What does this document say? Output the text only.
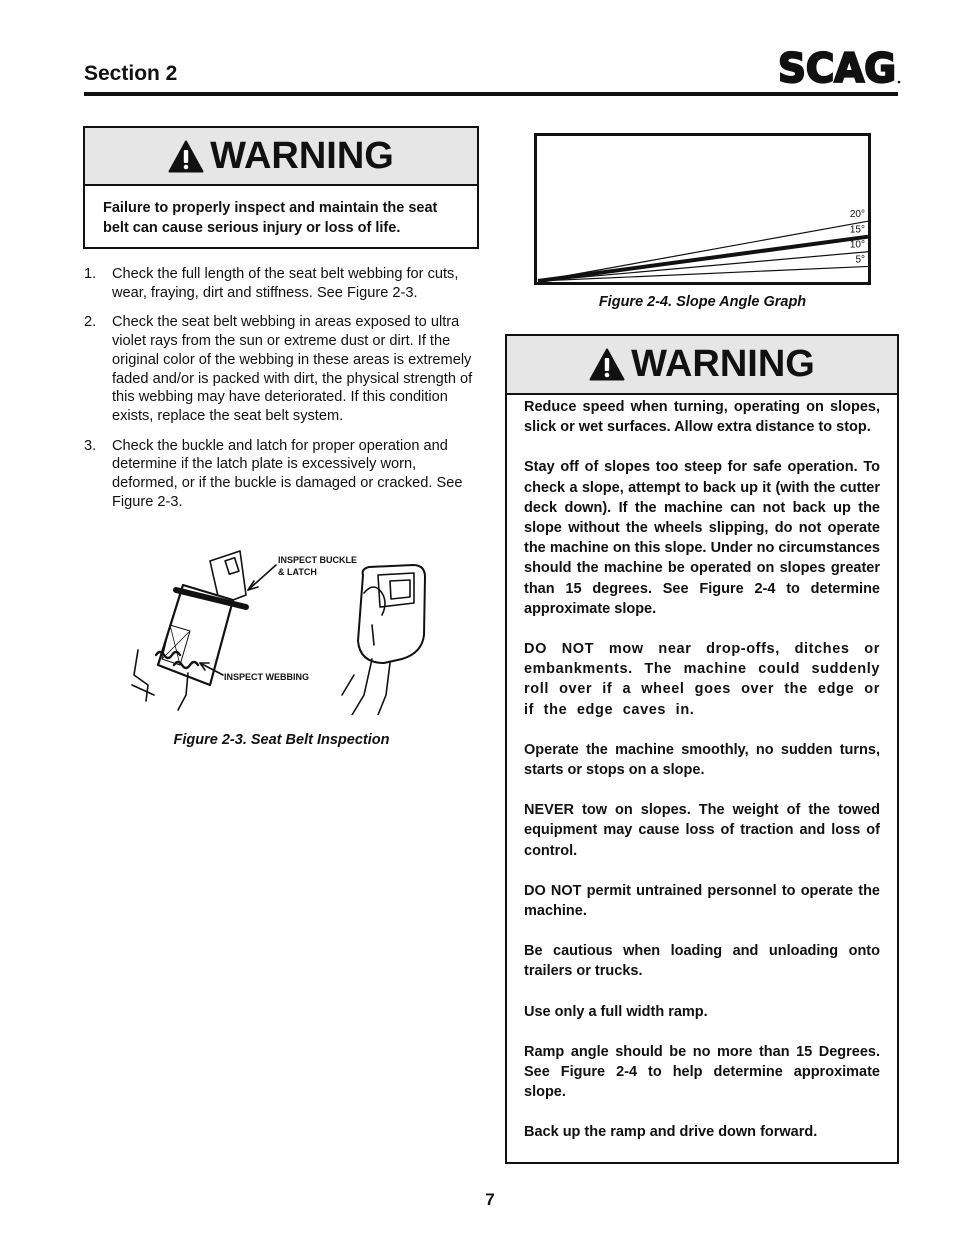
Section 2	SCAG
WARNING
Failure to properly inspect and maintain the seat belt can cause serious injury or loss of life.
1.	Check the full length of the seat belt webbing for cuts, wear, fraying, dirt and stiffness. See Figure 2-3.
2.	Check the seat belt webbing in areas exposed to ultra violet rays from the sun or extreme dust or dirt. If the original color of the webbing in these areas is extremely faded and/or is packed with dirt, the physical strength of this webbing may have deteriorated. If this condition exists, replace the seat belt system.
3.	Check the buckle and latch for proper operation and determine if the latch plate is excessively worn, deformed, or if the buckle is damaged or cracked. See Figure 2-3.
INSPECT BUCKLE
& LATCH
INSPECT WEBBING
Figure 2-3. Seat Belt Inspection
20°
15°
10°
5°
Figure 2-4. Slope Angle Graph
WARNING

Reduce speed when turning, operating on slopes, slick or wet surfaces. Allow extra distance to stop.

Stay off of slopes too steep for safe operation. To check a slope, attempt to back up it (with the cutter deck down). If the machine can not back up the slope without the wheels slipping, do not operate the machine on this slope. Under no circumstances should the machine be operated on slopes greater than 15 degrees. See Figure 2-4 to determine approximate slope.

DO NOT mow near drop-offs, ditches or embankments. The machine could suddenly roll over if a wheel goes over the edge or if the edge caves in.

Operate the machine smoothly, no sudden turns, starts or stops on a slope.

NEVER tow on slopes. The weight of the towed equipment may cause loss of traction and loss of control.

DO NOT permit untrained personnel to operate the machine.

Be cautious when loading and unloading onto trailers or trucks.

Use only a full width ramp.

Ramp angle should be no more than 15 Degrees. See Figure 2-4 to help determine approximate slope.

Back up the ramp and drive down forward.

7
